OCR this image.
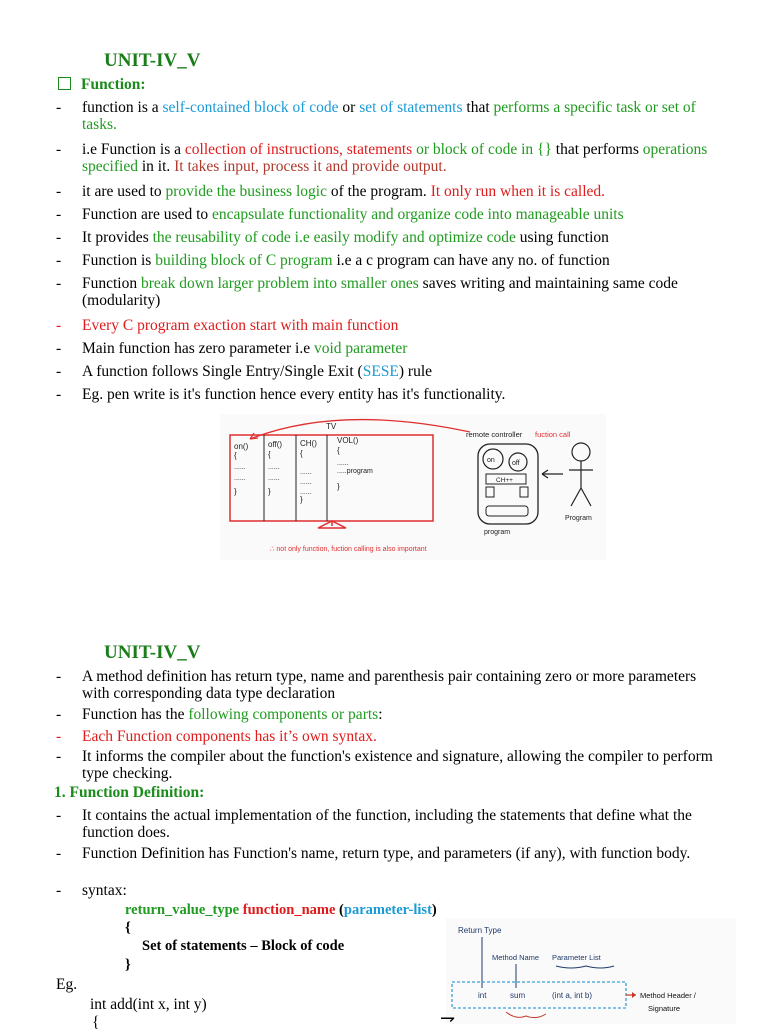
UNIT-IV_V
Function:
- function is a self-contained block of code or set of statements that performs a specific task or set of tasks.
- i.e Function is a collection of instructions, statements or block of code in {} that performs operations specified in it. It takes input, process it and provide output.
- it are used to provide the business logic of the program. It only run when it is called.
- Function are used to encapsulate functionality and organize code into manageable units
- It provides the reusability of code i.e easily modify and optimize code using function
- Function is building block of C program i.e a c program can have any no. of function
- Function break down larger problem into smaller ones saves writing and maintaining same code (modularity)
- Every C program exaction start with main function
- Main function has zero parameter i.e void parameter
- A function follows Single Entry/Single Exit (SESE) rule
- Eg. pen write is it's function hence every entity has it's functionality.
TV
on() off() CH()	VOL()
{	{	{	{
......	......
......
......
......	......
......
.....program
}	}	......
}
}
remote controller fuction call
on off
CH++
program
Program
∴ not only function, fuction calling is also important
UNIT-IV_V
- A method definition has return type, name and parenthesis pair containing zero or more parameters with corresponding data type declaration
- Function has the following components or parts:
- Each Function components has it’s own syntax.
- It informs the compiler about the function's existence and signature, allowing the compiler to perform type checking.
1. Function Definition:
- It contains the actual implementation of the function, including the statements that define what the function does.
- Function Definition has Function's name, return type, and parameters (if any), with function body.
- syntax:
return_value_type function_name (parameter-list)
{
Set of statements – Block of code
}
Eg.
int add(int x, int y)
{
Return Type
Method Name Parameter List
int	sum	(int a, int b)	Method Header /
Signature
⇁
